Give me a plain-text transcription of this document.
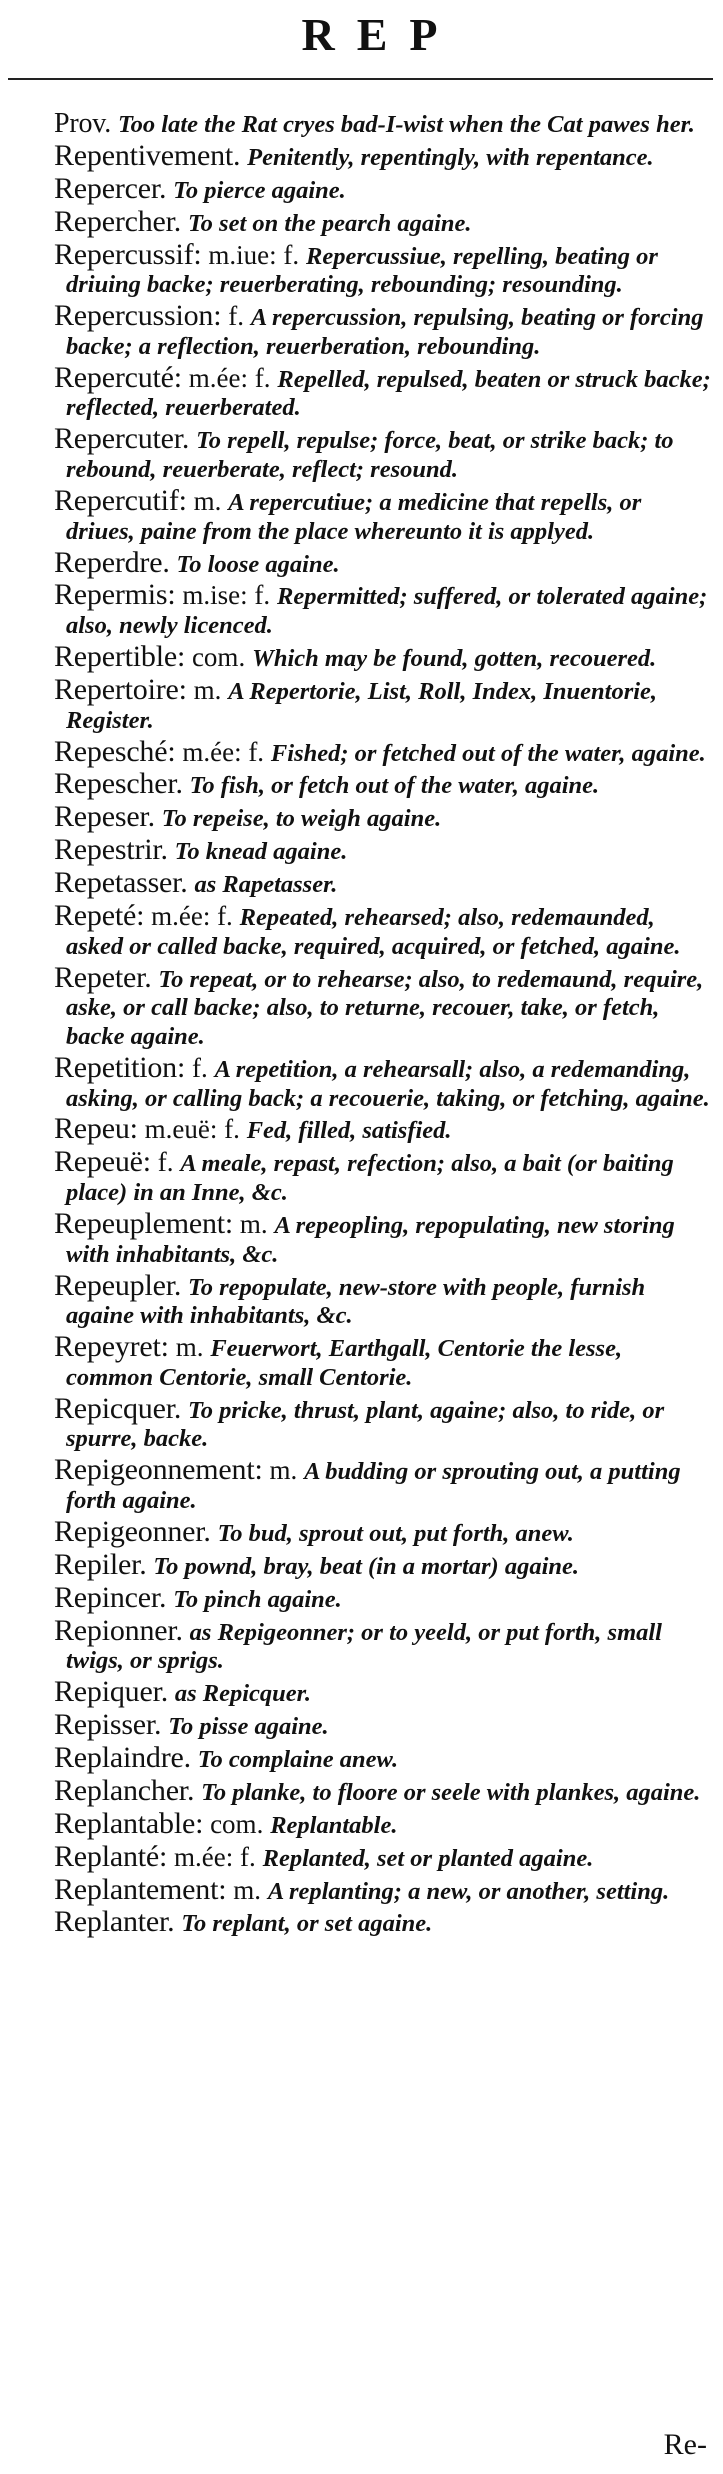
REP

Prov. Too late the Rat cryes bad-I-wist when the Cat pawes her.

Repentivement. Penitently, repentingly, with repentance.

Repercer. To pierce againe.

Repercher. To set on the pearch againe.

Repercussif: m.iue: f. Repercussiue, repelling, beating or driuing backe; reuerberating, rebounding; resounding.

Repercussion: f. A repercussion, repulsing, beating or forcing backe; a reflection, reuerberation, rebounding.

Repercuté: m.ée: f. Repelled, repulsed, beaten or struck backe; reflected, reuerberated.

Repercuter. To repell, repulse; force, beat, or strike back; to rebound, reuerberate, reflect; resound.

Repercutif: m. A repercutiue; a medicine that repells, or driues, paine from the place whereunto it is applyed.

Reperdre. To loose againe.

Repermis: m.ise: f. Repermitted; suffered, or tolerated againe; also, newly licenced.

Repertible: com. Which may be found, gotten, recouered.

Repertoire: m. A Repertorie, List, Roll, Index, Inuentorie, Register.

Repesché: m.ée: f. Fished; or fetched out of the water, againe.

Repescher. To fish, or fetch out of the water, againe.

Repeser. To repeise, to weigh againe.

Repestrir. To knead againe.

Repetasser. as Rapetasser.

Repeté: m.ée: f. Repeated, rehearsed; also, redemaunded, asked or called backe, required, acquired, or fetched, againe.

Repeter. To repeat, or to rehearse; also, to redemaund, require, aske, or call backe; also, to returne, recouer, take, or fetch, backe againe.

Repetition: f. A repetition, a rehearsall; also, a redemanding, asking, or calling back; a recouerie, taking, or fetching, againe.

Repeu: m.euë: f. Fed, filled, satisfied.

Repeuë: f. A meale, repast, refection; also, a bait (or baiting place) in an Inne, &c.

Repeuplement: m. A repeopling, repopulating, new storing with inhabitants, &c.

Repeupler. To repopulate, new-store with people, furnish againe with inhabitants, &c.

Repeyret: m. Feuerwort, Earthgall, Centorie the lesse, common Centorie, small Centorie.

Repicquer. To pricke, thrust, plant, againe; also, to ride, or spurre, backe.

Repigeonnement: m. A budding or sprouting out, a putting forth againe.

Repigeonner. To bud, sprout out, put forth, anew.

Repiler. To pownd, bray, beat (in a mortar) againe.

Repincer. To pinch againe.

Repionner. as Repigeonner; or to yeeld, or put forth, small twigs, or sprigs.

Repiquer. as Repicquer.

Repisser. To pisse againe.

Replaindre. To complaine anew.

Replancher. To planke, to floore or seele with plankes, againe.

Replantable: com. Replantable.

Replanté: m.ée: f. Replanted, set or planted againe.

Replantement: m. A replanting; a new, or another, setting.

Replanter. To replant, or set againe.

Re-
